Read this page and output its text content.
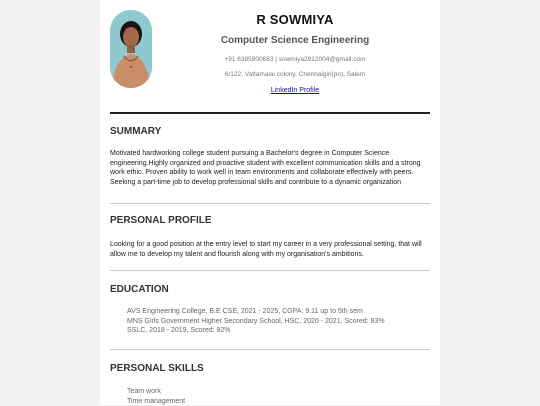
R SOWMIYA
Computer Science Engineering
+91 6385900683 | sowmiya2912004@gmail.com
6/122, Vattamalai colony, Chennaigiri(po), Salem
LinkedIn Profile
SUMMARY
Motivated hardworking college student pursuing a Bachelor's degree in Computer Science engineering.Highly organized and proactive student with excellent communication skills and a strong work ethic. Proven ability to work well in team environments and collaborate effectively with peers. Seeking a part-time job to develop professional skills and contribute to a dynamic organization
PERSONAL PROFILE
Looking for a good position at the entry level to start my career in a very professional setting, that will allow me to develop my talent and flourish along with my organisation's ambitions.
EDUCATION
AVS Engineering College, B.E CSE, 2021 - 2025, CGPA: 9.11 up to 5th sem
MNS Girls Government Higher Secondary School, HSC, 2020 - 2021, Scored: 93%
SSLC, 2018 - 2019, Scored: 92%
PERSONAL SKILLS
Team work
Time management
